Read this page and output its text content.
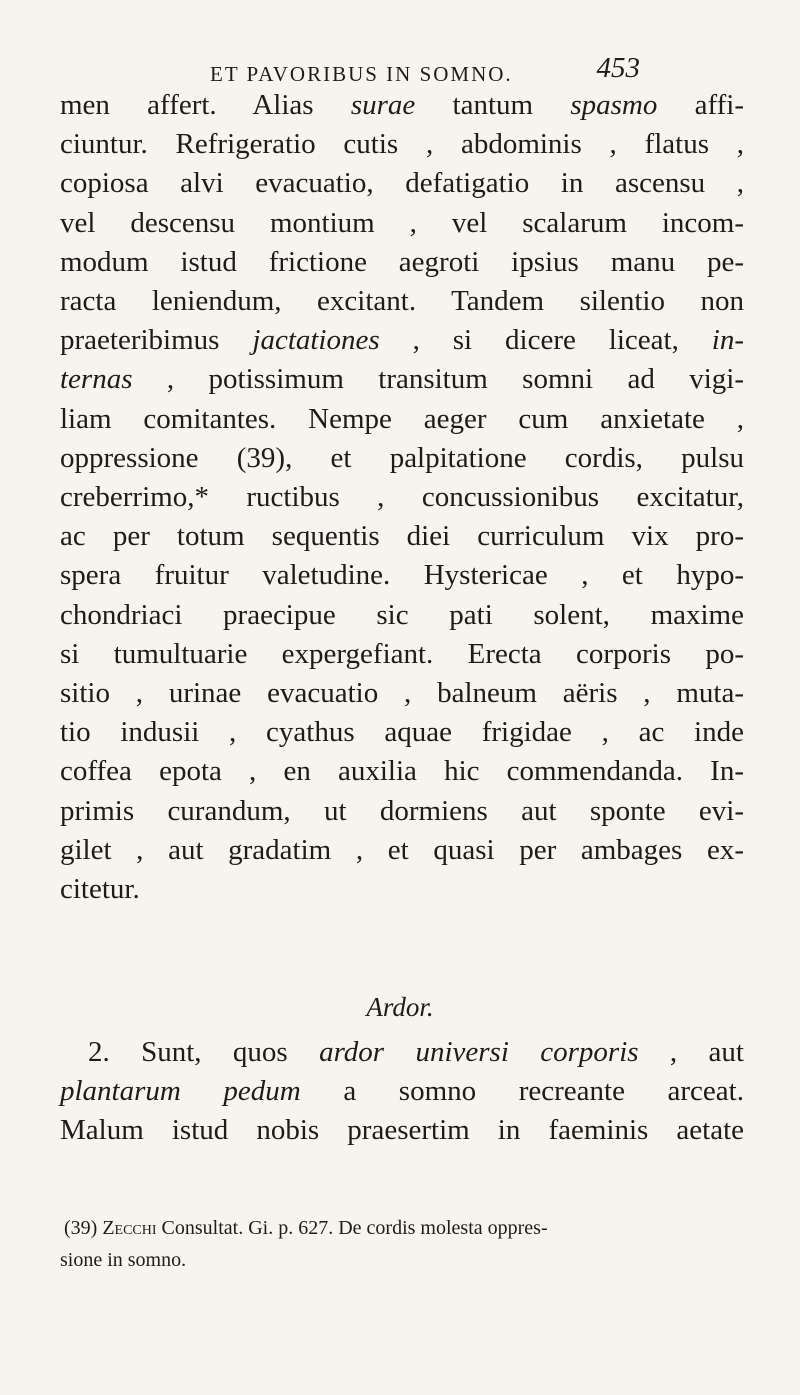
ET PAVORIBUS IN SOMNO.	453
men affert. Alias surae tantum spasmo affi-
ciuntur. Refrigeratio cutis , abdominis , flatus ,
copiosa alvi evacuatio, defatigatio in ascensu ,
vel descensu montium , vel scalarum incom-
modum istud frictione aegroti ipsius manu pe-
racta leniendum, excitant. Tandem silentio non
praeteribimus jactationes , si dicere liceat, in-
ternas , potissimum transitum somni ad vigi-
liam comitantes. Nempe aeger cum anxietate ,
oppressione (39), et palpitatione cordis, pulsu
creberrimo,* ructibus , concussionibus excitatur,
ac per totum sequentis diei curriculum vix pro-
spera fruitur valetudine. Hystericae , et hypo-
chondriaci praecipue sic pati solent, maxime
si tumultuarie expergefiant. Erecta corporis po-
sitio , urinae evacuatio , balneum aëris , muta-
tio indusii , cyathus aquae frigidae , ac inde
coffea epota , en auxilia hic commendanda. In-
primis curandum, ut dormiens aut sponte evi-
gilet , aut gradatim , et quasi per ambages ex-
citetur.
Ardor.
2. Sunt, quos ardor universi corporis , aut
plantarum pedum a somno recreante arceat.
Malum istud nobis praesertim in faeminis aetate
(39) Zecchi Consultat. Gi. p. 627. De cordis molesta oppres-
sione in somno.
